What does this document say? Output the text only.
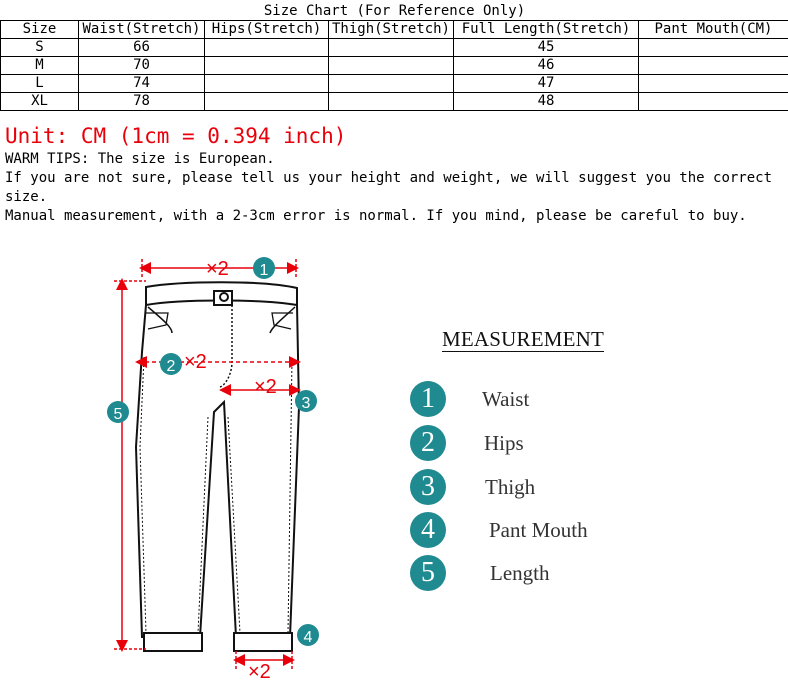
Size Chart (For Reference Only)
Size	Waist(Stretch)	Hips(Stretch)	Thigh(Stretch)	Full Length(Stretch)	Pant Mouth(CM)
S	66			45	
M	70			46	
L	74			47	
XL	78			48	

Unit: CM (1cm = 0.394 inch)

WARM TIPS: The size is European.

If you are not sure, please tell us your height and weight, we will suggest you the correct size.

Manual measurement, with a 2-3cm error is normal. If you mind, please be careful to buy.

×2 1
2 ×2
×2
3
4
×2
5
MEASUREMENT
1	Waist
2	Hips
3	Thigh
4	Pant Mouth
5	Length
